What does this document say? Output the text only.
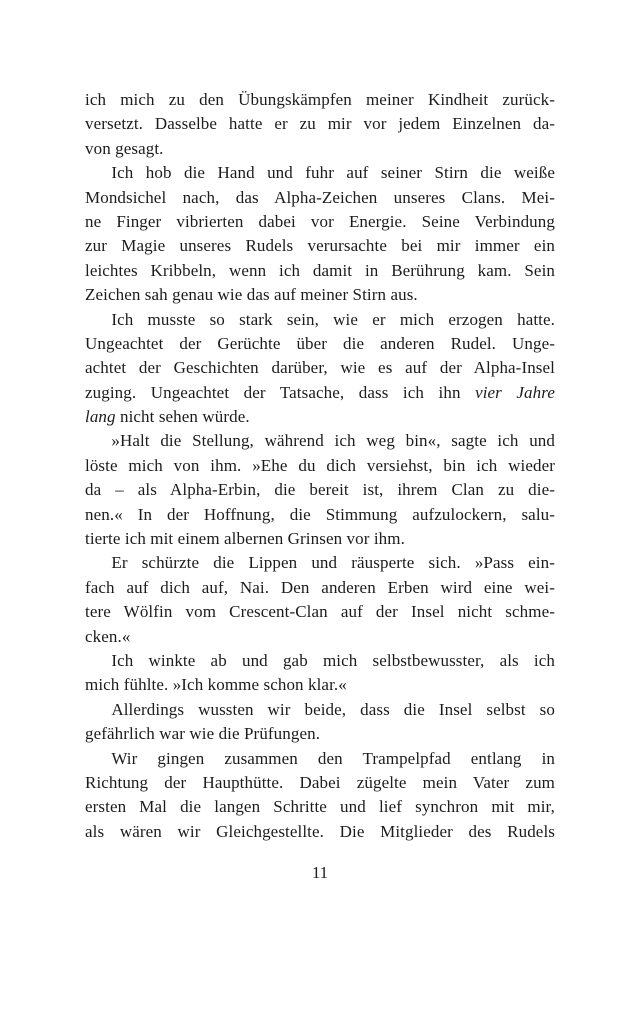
ich mich zu den Übungskämpfen meiner Kindheit zurück-
versetzt. Dasselbe hatte er zu mir vor jedem Einzelnen da-
von gesagt.
Ich hob die Hand und fuhr auf seiner Stirn die weiße
Mondsichel nach, das Alpha-Zeichen unseres Clans. Mei-
ne Finger vibrierten dabei vor Energie. Seine Verbindung
zur Magie unseres Rudels verursachte bei mir immer ein
leichtes Kribbeln, wenn ich damit in Berührung kam. Sein
Zeichen sah genau wie das auf meiner Stirn aus.
Ich musste so stark sein, wie er mich erzogen hatte.
Ungeachtet der Gerüchte über die anderen Rudel. Unge-
achtet der Geschichten darüber, wie es auf der Alpha-Insel
zuging. Ungeachtet der Tatsache, dass ich ihn vier Jahre
lang nicht sehen würde.
»Halt die Stellung, während ich weg bin«, sagte ich und
löste mich von ihm. »Ehe du dich versiehst, bin ich wieder
da – als Alpha-Erbin, die bereit ist, ihrem Clan zu die-
nen.« In der Hoffnung, die Stimmung aufzulockern, salu-
tierte ich mit einem albernen Grinsen vor ihm.
Er schürzte die Lippen und räusperte sich. »Pass ein-
fach auf dich auf, Nai. Den anderen Erben wird eine wei-
tere Wölfin vom Crescent-Clan auf der Insel nicht schme-
cken.«
Ich winkte ab und gab mich selbstbewusster, als ich
mich fühlte. »Ich komme schon klar.«
Allerdings wussten wir beide, dass die Insel selbst so
gefährlich war wie die Prüfungen.
Wir gingen zusammen den Trampelpfad entlang in
Richtung der Haupthütte. Dabei zügelte mein Vater zum
ersten Mal die langen Schritte und lief synchron mit mir,
als wären wir Gleichgestellte. Die Mitglieder des Rudels
11
